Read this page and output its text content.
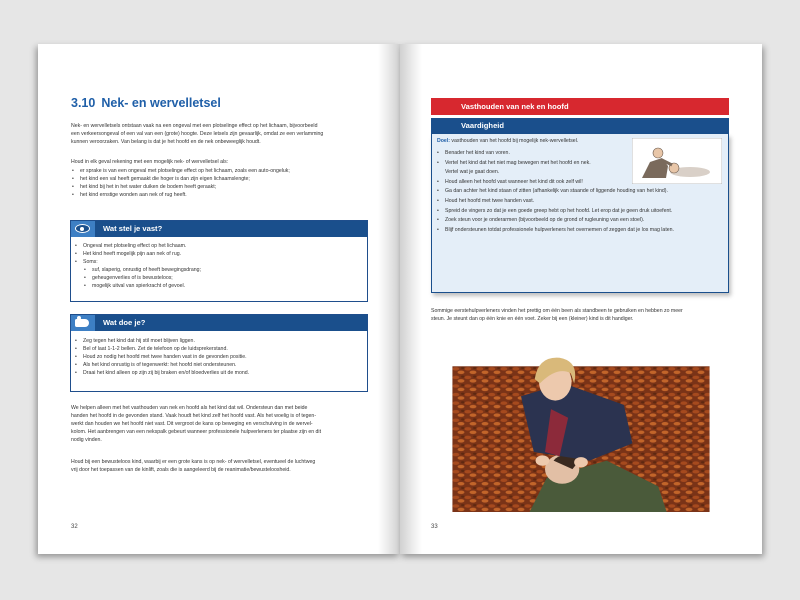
3.10 Nek- en wervelletsel
Nek- en wervelletsels ontstaan vaak na een ongeval met een plotselinge effect op het lichaam, bijvoorbeeld
een verkeersongeval of een val van een (grote) hoogte. Deze letsels zijn gevaarlijk, omdat ze een verlamming
kunnen veroorzaken. Van belang is dat je het hoofd en de nek onbeweeglijk houdt.
Houd in elk geval rekening met een mogelijk nek- of wervelletsel als:
• er sprake is van een ongeval met plotselinge effect op het lichaam, zoals een auto-ongeluk;
• het kind een val heeft gemaakt die hoger is dan zijn eigen lichaamslengte;
• het kind bij het in het water duiken de bodem heeft geraakt;
• het kind ernstige wonden aan nek of rug heeft.
Wat stel je vast?
• Ongeval met plotseling effect op het lichaam.
• Het kind heeft mogelijk pijn aan nek of rug.
• Soms:
• suf, slaperig, onrustig of heeft bewegingsdrang;
• geheugenverlies of is bewusteloos;
• mogelijk uitval van spierkracht of gevoel.
Wat doe je?
• Zeg tegen het kind dat hij stil moet blijven liggen.
• Bel of laat 1-1-2 bellen. Zet de telefoon op de luidsprekerstand.
• Houd zo nodig het hoofd met twee handen vast in de gevonden positie.
• Als het kind onrustig is of tegenwerkt: het hoofd niet ondersteunen.
• Draai het kind alleen op zijn zij bij braken en/of bloedverlies uit de mond.
We helpen alleen met het vasthouden van nek en hoofd als het kind dat wil. Ondersteun dan met beide
handen het hoofd in de gevonden stand. Vaak houdt het kind zelf het hoofd vast. Als het woelig is of tegen-
werkt dan houden we het hoofd niet vast. Dit vergroot de kans op beweging en verschuiving in de wervel-
kolom. Het aanbrengen van een nekspalk gebeurt wanneer professionele hulpverleners ter plaatse zijn en dit
nodig vinden.
Houd bij een bewusteloos kind, waarbij er een grote kans is op nek- of wervelletsel, eventueel de luchtweg
vrij door het toepassen van de kinlift, zoals die is aangeleerd bij de reanimatie/bewusteloosheid.
32
Vasthouden van nek en hoofd
Vaardigheid
Doel: vasthouden van het hoofd bij mogelijk nek-wervelletsel.
• Benader het kind van voren.
• Vertel het kind dat het niet mag bewegen met het hoofd en nek.
Vertel wat je gaat doen.
• Houd alleen het hoofd vast wanneer het kind dit ook zelf wil!
• Ga dan achter het kind staan of zitten (afhankelijk van staande of liggende houding van het kind).
• Houd het hoofd met twee handen vast.
• Spreid de vingers zo dat je een goede greep hebt op het hoofd. Let erop dat je geen druk uitoefent.
• Zoek steun voor je onderarmen (bijvoorbeeld op de grond of rugleuning van een stoel).
• Blijf ondersteunen totdat professionele hulpverleners het overnemen of zeggen dat je los mag laten.
Sommige eerstehulpverleners vinden het prettig om één been als standbeen te gebruiken en hebben zo meer
steun. Je steunt dan op één knie en één voet. Zeker bij een (kleiner) kind is dit handiger.
33
